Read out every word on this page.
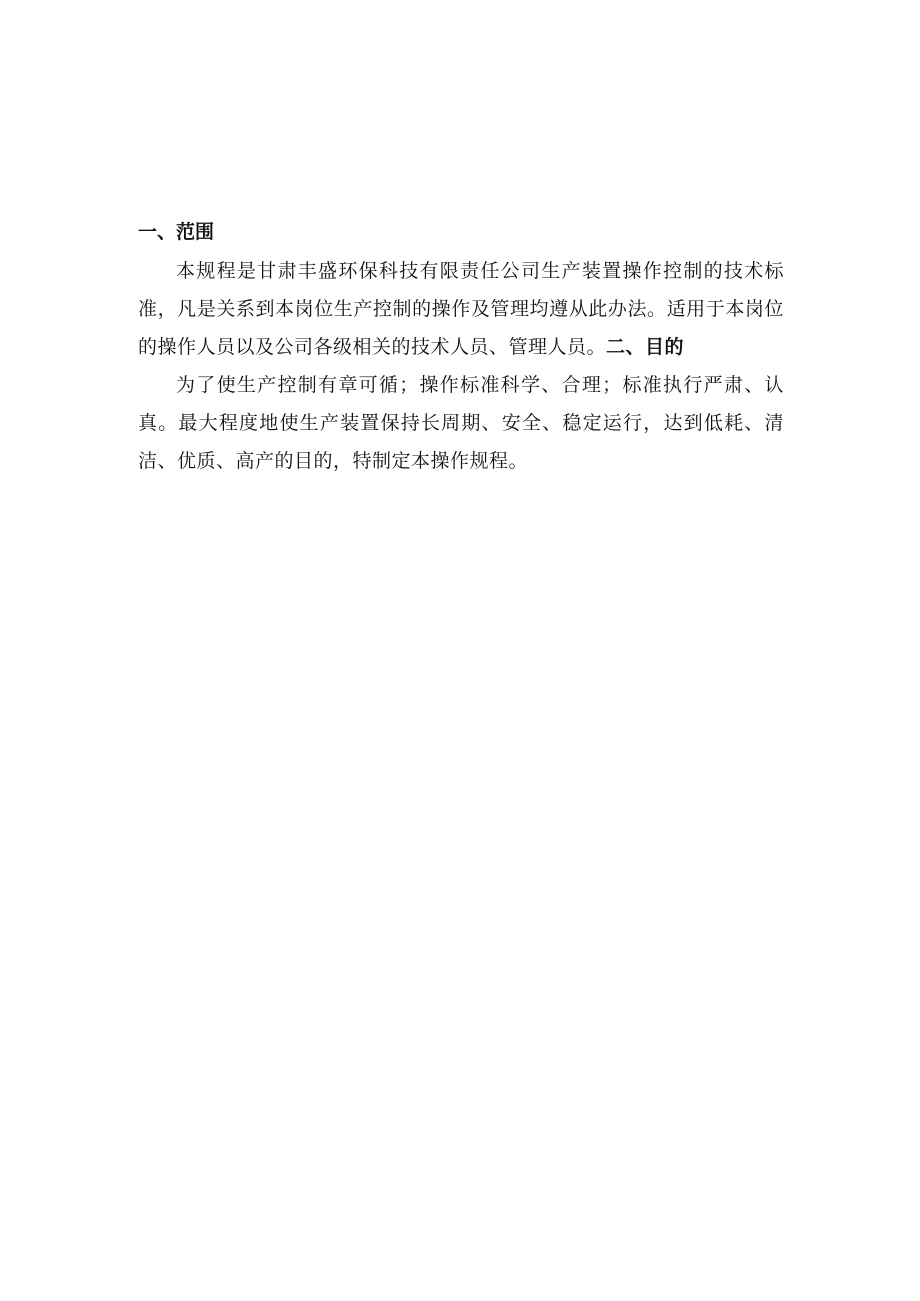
一、范围

本规程是甘肃丰盛环保科技有限责任公司生产装置操作控制的技术标准，凡是关系到本岗位生产控制的操作及管理均遵从此办法。适用于本岗位的操作人员以及公司各级相关的技术人员、管理人员。二、目的

为了使生产控制有章可循；操作标准科学、合理；标准执行严肃、认真。最大程度地使生产装置保持长周期、安全、稳定运行，达到低耗、清洁、优质、高产的目的，特制定本操作规程。
